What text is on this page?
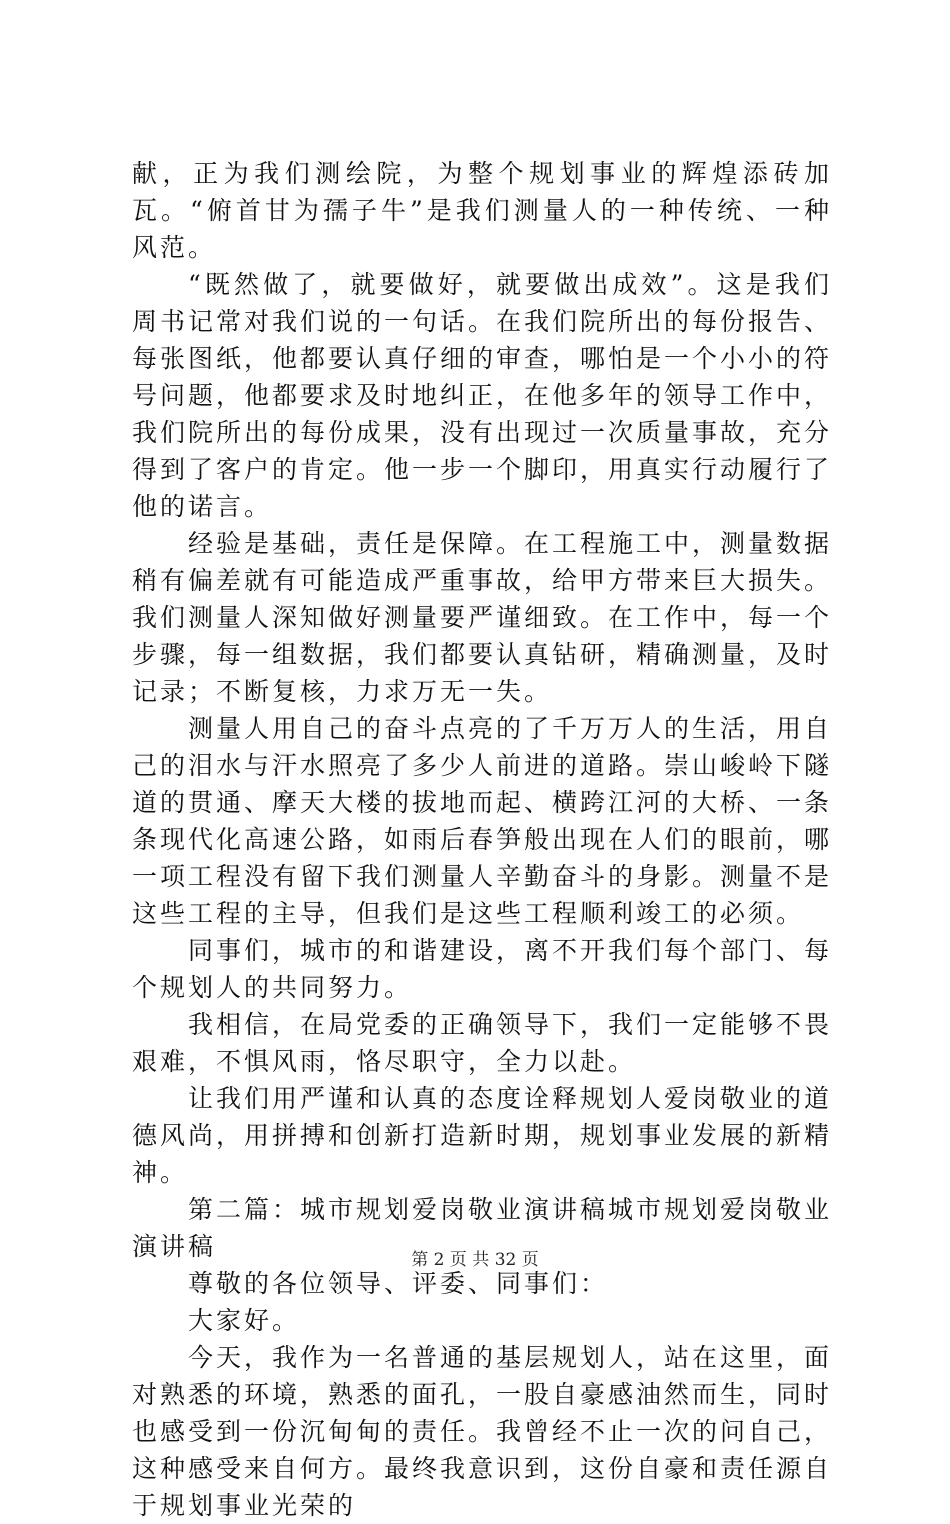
献，正为我们测绘院，为整个规划事业的辉煌添砖加瓦。“俯首甘为孺子牛”是我们测量人的一种传统、一种风范。

“既然做了，就要做好，就要做出成效”。这是我们周书记常对我们说的一句话。在我们院所出的每份报告、每张图纸，他都要认真仔细的审查，哪怕是一个小小的符号问题，他都要求及时地纠正，在他多年的领导工作中，我们院所出的每份成果，没有出现过一次质量事故，充分得到了客户的肯定。他一步一个脚印，用真实行动履行了他的诺言。

经验是基础，责任是保障。在工程施工中，测量数据稍有偏差就有可能造成严重事故，给甲方带来巨大损失。我们测量人深知做好测量要严谨细致。在工作中，每一个步骤，每一组数据，我们都要认真钻研，精确测量，及时记录；不断复核，力求万无一失。

测量人用自己的奋斗点亮的了千万万人的生活，用自己的泪水与汗水照亮了多少人前进的道路。崇山峻岭下隧道的贯通、摩天大楼的拔地而起、横跨江河的大桥、一条条现代化高速公路，如雨后春笋般出现在人们的眼前，哪一项工程没有留下我们测量人辛勤奋斗的身影。测量不是这些工程的主导，但我们是这些工程顺利竣工的必须。

同事们，城市的和谐建设，离不开我们每个部门、每个规划人的共同努力。

我相信，在局党委的正确领导下，我们一定能够不畏艰难，不惧风雨，恪尽职守，全力以赴。

让我们用严谨和认真的态度诠释规划人爱岗敬业的道德风尚，用拼搏和创新打造新时期，规划事业发展的新精神。

第二篇：城市规划爱岗敬业演讲稿城市规划爱岗敬业演讲稿

尊敬的各位领导、评委、同事们：

大家好。

今天，我作为一名普通的基层规划人，站在这里，面对熟悉的环境，熟悉的面孔，一股自豪感油然而生，同时也感受到一份沉甸甸的责任。我曾经不止一次的问自己，这种感受来自何方。最终我意识到，这份自豪和责任源自于规划事业光荣的

第 2 页 共 32 页
